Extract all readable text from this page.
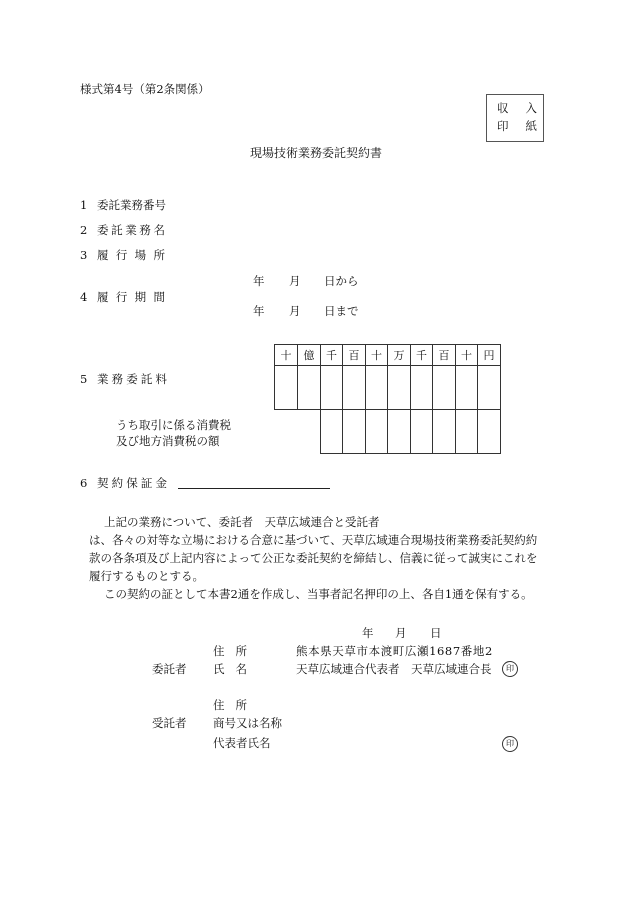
様式第4号（第2条関係）
収 入
印 紙
現場技術業務委託契約書
1 委託業務番号
2 委 託 業 務 名
3 履 行 場 所
年 月 日から
4 履 行 期 間
年 月 日まで
十	億	千	百	十	万	千	百	十	円

5 業 務 委 託 料
うち取引に係る消費税
及び地方消費税の額
6 契 約 保 証 金
上記の業務について、委託者　天草広域連合と受託者
は、各々の対等な立場における合意に基づいて、天草広域連合現場技術業務委託契約約
款の各条項及び上記内容によって公正な委託契約を締結し、信義に従って誠実にこれを
履行するものとする。
この契約の証として本書2通を作成し、当事者記名押印の上、各自1通を保有する。
年 月 日
住 所	熊本県天草市本渡町広瀬1687番地2
委託者 氏 名	天草広域連合代表者　天草広域連合長	印
住 所
受託者 商号又は名称
代表者氏名	印
